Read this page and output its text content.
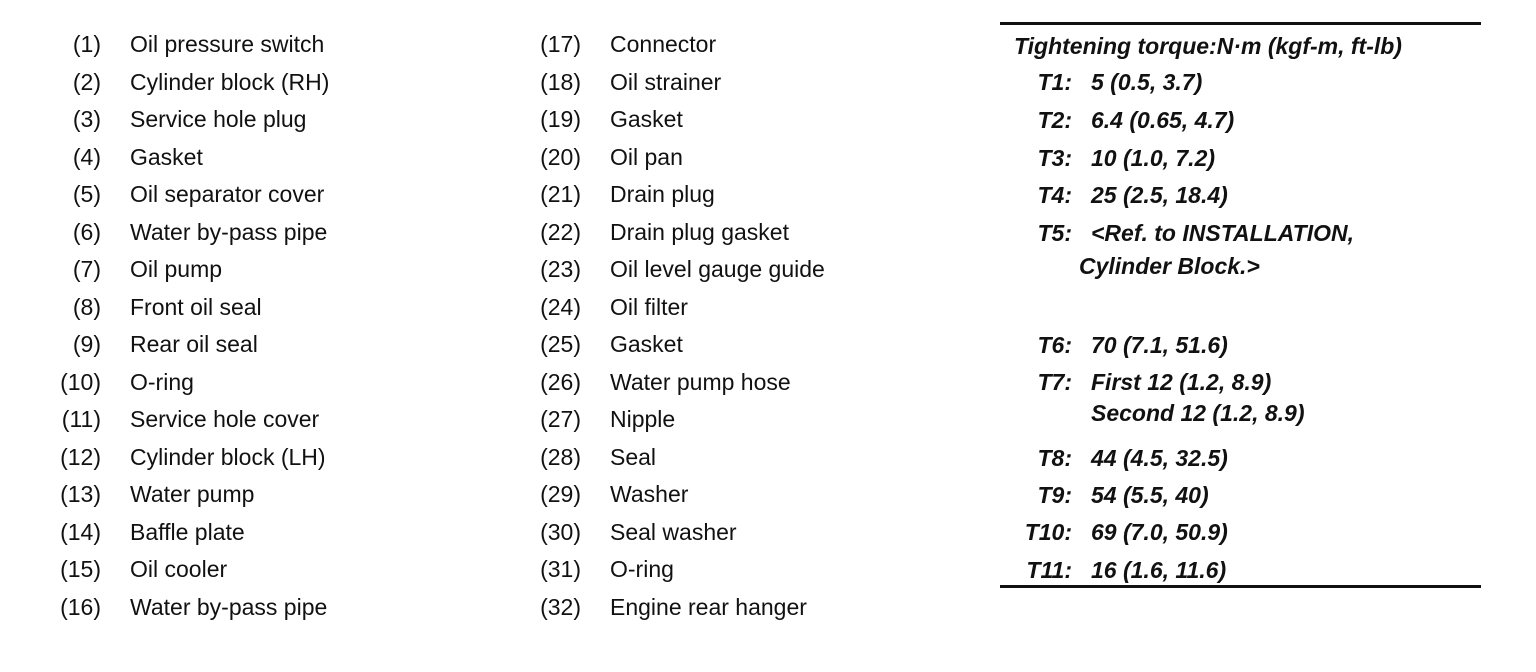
(1) Oil pressure switch
(2) Cylinder block (RH)
(3) Service hole plug
(4) Gasket
(5) Oil separator cover
(6) Water by-pass pipe
(7) Oil pump
(8) Front oil seal
(9) Rear oil seal
(10) O-ring
(11) Service hole cover
(12) Cylinder block (LH)
(13) Water pump
(14) Baffle plate
(15) Oil cooler
(16) Water by-pass pipe
(17) Connector
(18) Oil strainer
(19) Gasket
(20) Oil pan
(21) Drain plug
(22) Drain plug gasket
(23) Oil level gauge guide
(24) Oil filter
(25) Gasket
(26) Water pump hose
(27) Nipple
(28) Seal
(29) Washer
(30) Seal washer
(31) O-ring
(32) Engine rear hanger
Tightening torque:N·m (kgf-m, ft-lb)
T1: 5 (0.5, 3.7)
T2: 6.4 (0.65, 4.7)
T3: 10 (1.0, 7.2)
T4: 25 (2.5, 18.4)
T5: <Ref. to INSTALLATION,
Cylinder Block.>
T6: 70 (7.1, 51.6)
T7: First 12 (1.2, 8.9)
Second 12 (1.2, 8.9)
T8: 44 (4.5, 32.5)
T9: 54 (5.5, 40)
T10: 69 (7.0, 50.9)
T11: 16 (1.6, 11.6)
